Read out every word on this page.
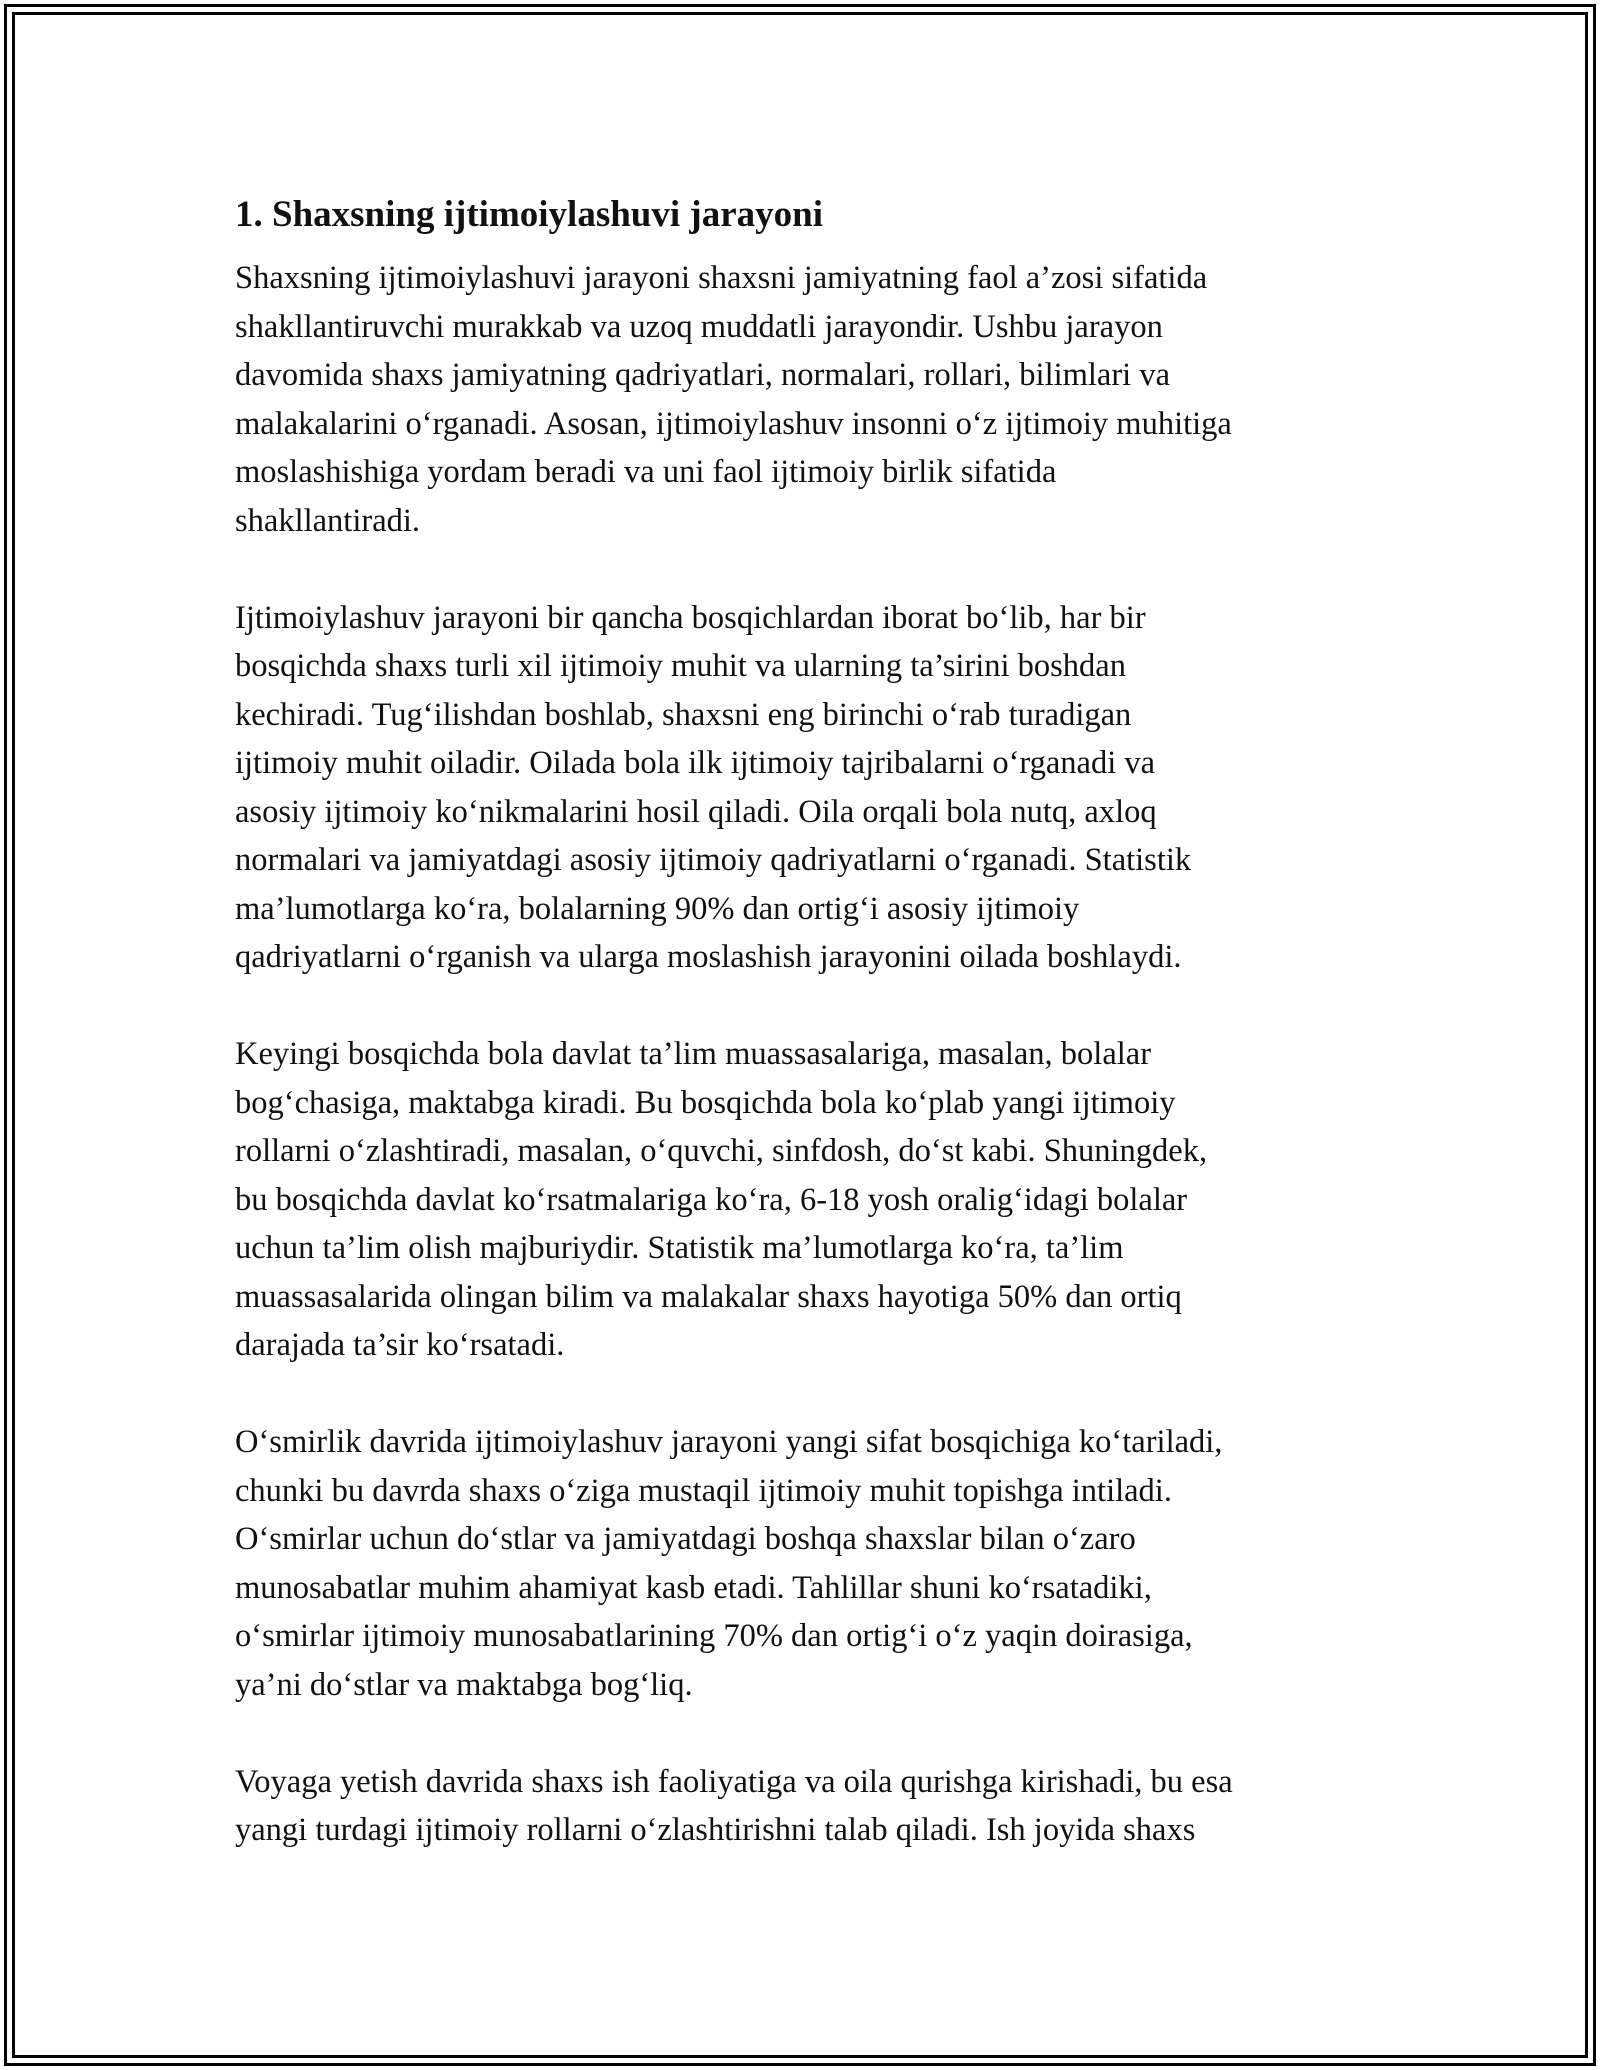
1. Shaxsning ijtimoiylashuvi jarayoni
Shaxsning ijtimoiylashuvi jarayoni shaxsni jamiyatning faol a’zosi sifatida
shakllantiruvchi murakkab va uzoq muddatli jarayondir. Ushbu jarayon
davomida shaxs jamiyatning qadriyatlari, normalari, rollari, bilimlari va
malakalarini o‘rganadi. Asosan, ijtimoiylashuv insonni o‘z ijtimoiy muhitiga
moslashishiga yordam beradi va uni faol ijtimoiy birlik sifatida
shakllantiradi.
Ijtimoiylashuv jarayoni bir qancha bosqichlardan iborat bo‘lib, har bir
bosqichda shaxs turli xil ijtimoiy muhit va ularning ta’sirini boshdan
kechiradi. Tug‘ilishdan boshlab, shaxsni eng birinchi o‘rab turadigan
ijtimoiy muhit oiladir. Oilada bola ilk ijtimoiy tajribalarni o‘rganadi va
asosiy ijtimoiy ko‘nikmalarini hosil qiladi. Oila orqali bola nutq, axloq
normalari va jamiyatdagi asosiy ijtimoiy qadriyatlarni o‘rganadi. Statistik
ma’lumotlarga ko‘ra, bolalarning 90% dan ortig‘i asosiy ijtimoiy
qadriyatlarni o‘rganish va ularga moslashish jarayonini oilada boshlaydi.
Keyingi bosqichda bola davlat ta’lim muassasalariga, masalan, bolalar
bog‘chasiga, maktabga kiradi. Bu bosqichda bola ko‘plab yangi ijtimoiy
rollarni o‘zlashtiradi, masalan, o‘quvchi, sinfdosh, do‘st kabi. Shuningdek,
bu bosqichda davlat ko‘rsatmalariga ko‘ra, 6-18 yosh oralig‘idagi bolalar
uchun ta’lim olish majburiydir. Statistik ma’lumotlarga ko‘ra, ta’lim
muassasalarida olingan bilim va malakalar shaxs hayotiga 50% dan ortiq
darajada ta’sir ko‘rsatadi.
O‘smirlik davrida ijtimoiylashuv jarayoni yangi sifat bosqichiga ko‘tariladi,
chunki bu davrda shaxs o‘ziga mustaqil ijtimoiy muhit topishga intiladi.
O‘smirlar uchun do‘stlar va jamiyatdagi boshqa shaxslar bilan o‘zaro
munosabatlar muhim ahamiyat kasb etadi. Tahlillar shuni ko‘rsatadiki,
o‘smirlar ijtimoiy munosabatlarining 70% dan ortig‘i o‘z yaqin doirasiga,
ya’ni do‘stlar va maktabga bog‘liq.
Voyaga yetish davrida shaxs ish faoliyatiga va oila qurishga kirishadi, bu esa
yangi turdagi ijtimoiy rollarni o‘zlashtirishni talab qiladi. Ish joyida shaxs
